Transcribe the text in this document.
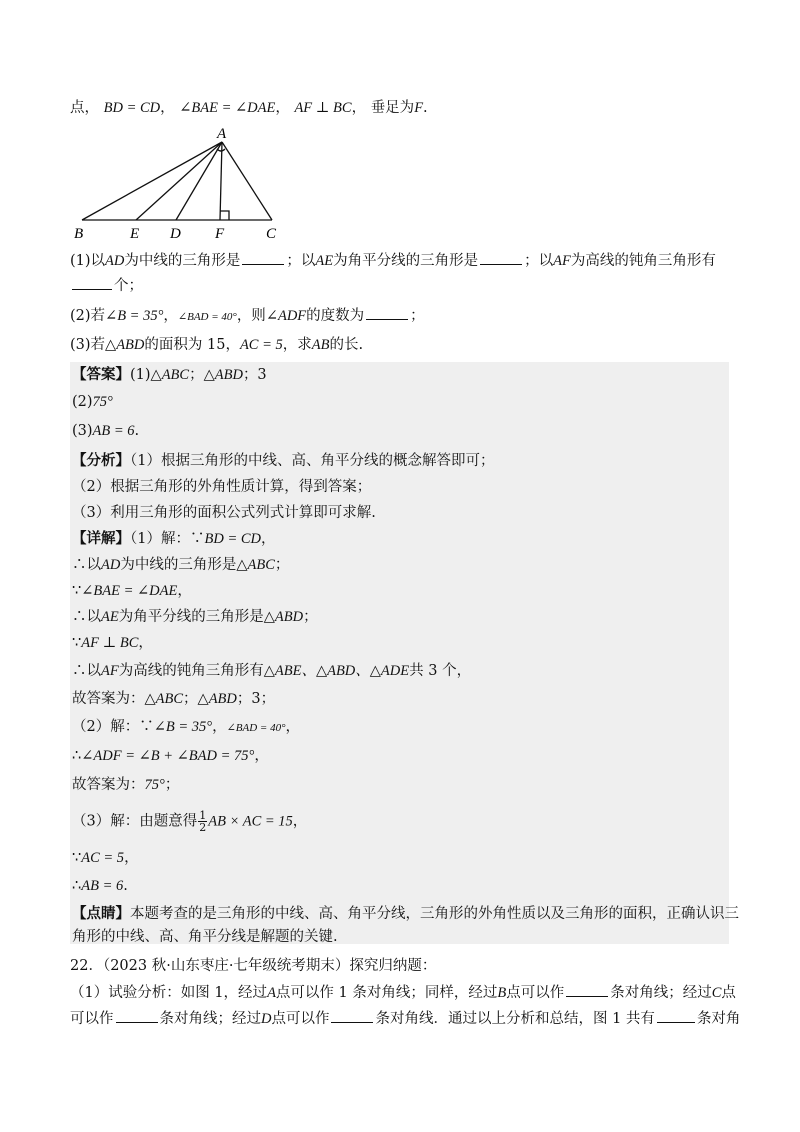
点， BD = CD， ∠BAE = ∠DAE， AF ⊥ BC， 垂足为F.
A
B	E D F	C
(1)以AD为中线的三角形是	；以AE为角平分线的三角形是	；以AF为高线的钝角三角形有
个；
(2)若∠B = 35°，∠BAD = 40°，则∠ADF的度数为	；
(3)若△ABD的面积为 15，AC = 5，求AB的长.
【答案】(1)△ABC；△ABD；3
(2)75°
(3)AB = 6.
【分析】（1）根据三角形的中线、高、角平分线的概念解答即可；
（2）根据三角形的外角性质计算，得到答案；
（3）利用三角形的面积公式列式计算即可求解.
【详解】（1）解：∵BD = CD，
∴以AD为中线的三角形是△ABC；
∵∠BAE = ∠DAE，
∴以AE为角平分线的三角形是△ABD；
∵AF ⊥ BC，
∴以AF为高线的钝角三角形有△ABE、△ABD、△ADE共 3 个，
故答案为：△ABC；△ABD；3；
（2）解：∵∠B = 35°，∠BAD = 40°，
∴∠ADF = ∠B + ∠BAD = 75°，
故答案为：75°；
（3）解：由题意得 $\frac{1}{2}$ AB × AC = 15，
∵AC = 5，
∴AB = 6.
【点睛】本题考查的是三角形的中线、高、角平分线，三角形的外角性质以及三角形的面积，正确认识三
角形的中线、高、角平分线是解题的关键.
22．（2023 秋·山东枣庄·七年级统考期末）探究归纳题：
（1）试验分析：如图 1，经过A点可以作 1 条对角线；同样，经过B点可以作	条对角线；经过C点
可以作	条对角线；经过D点可以作	条对角线．通过以上分析和总结，图 1 共有	条对角
